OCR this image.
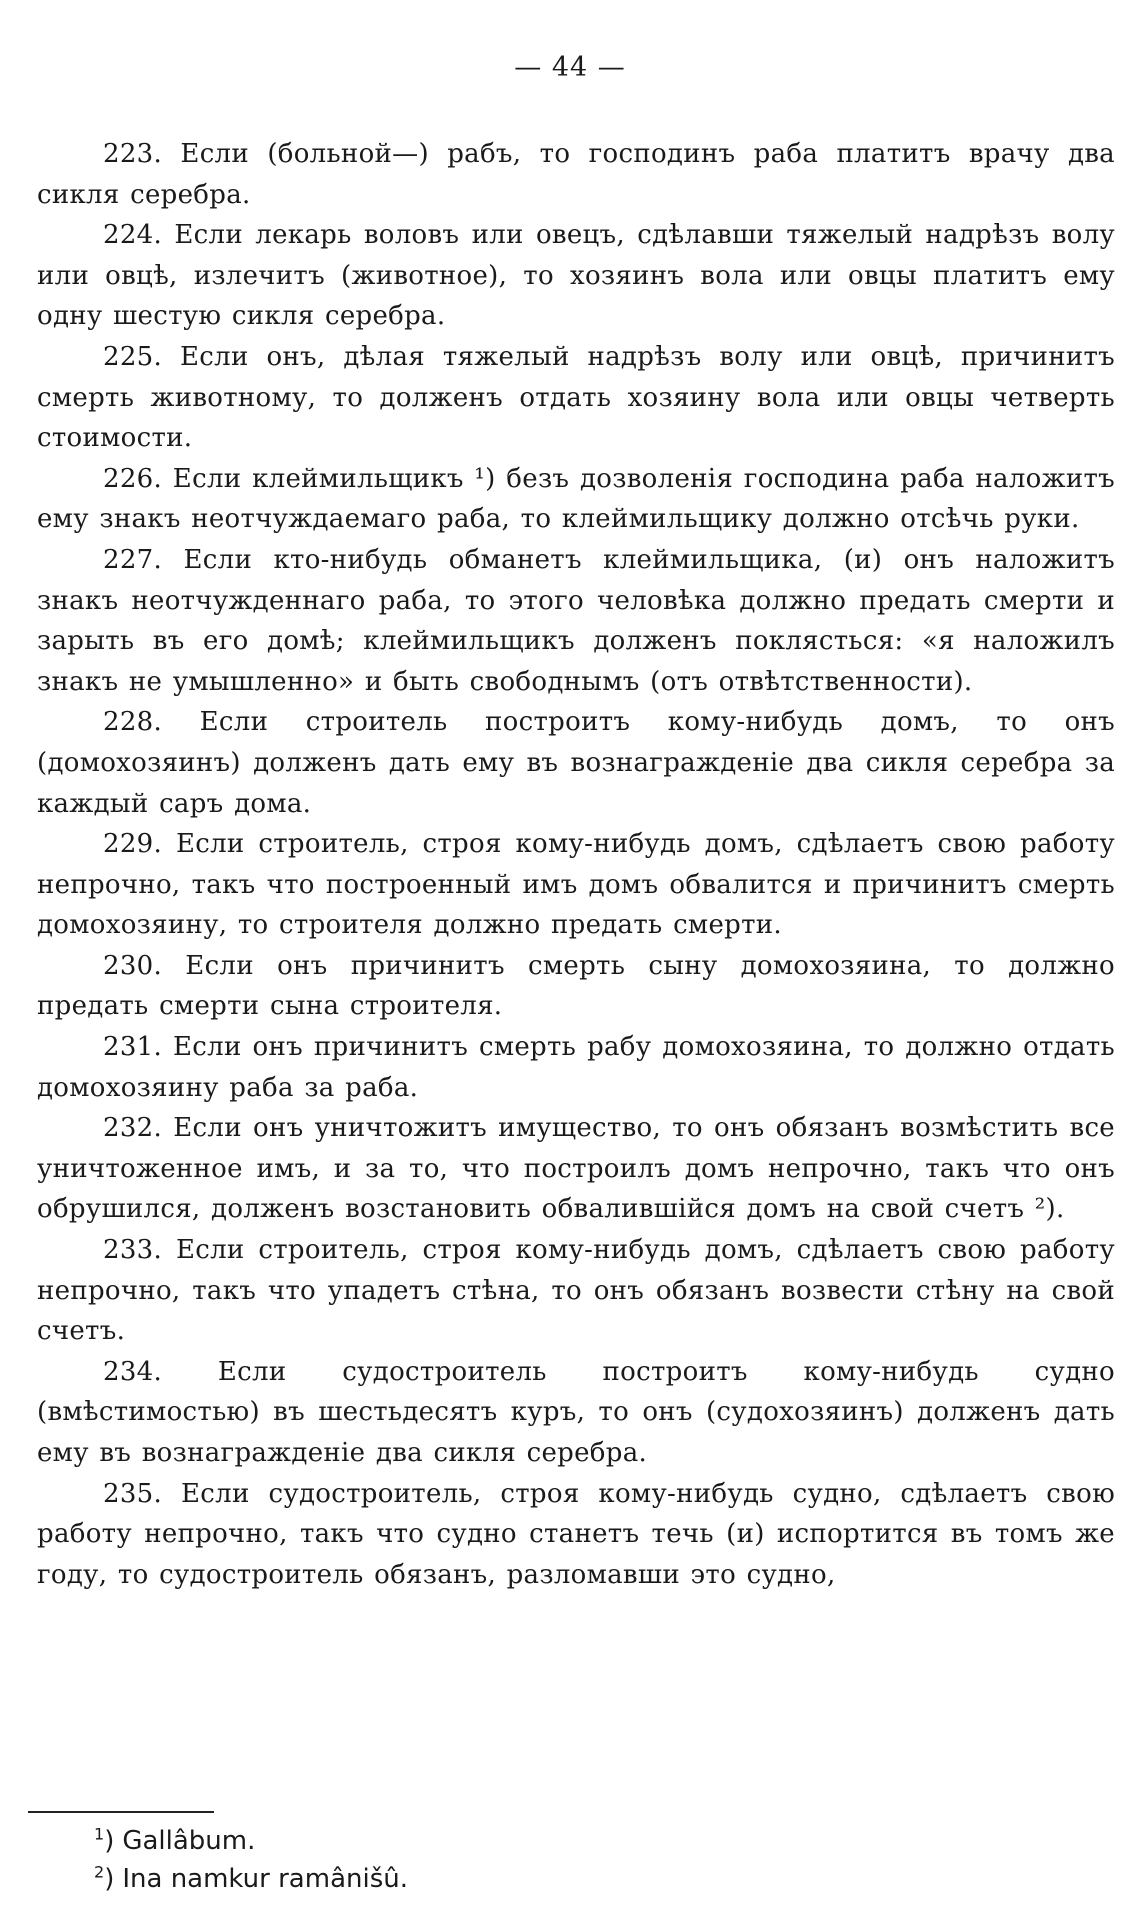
— 44 —

223. Если (больной—) рабъ, то господинъ раба платитъ врачу два сикля серебра.

224. Если лекарь воловъ или овецъ, сдѣлавши тяжелый надрѣзъ волу или овцѣ, излечитъ (животное), то хозяинъ вола или овцы платитъ ему одну шестую сикля серебра.

225. Если онъ, дѣлая тяжелый надрѣзъ волу или овцѣ, причинитъ смерть животному, то долженъ отдать хозяину вола или овцы четверть стоимости.

226. Если клеймильщикъ ¹) безъ дозволенія господина раба наложитъ ему знакъ неотчуждаемаго раба, то клеймильщику должно отсѣчь руки.

227. Если кто-нибудь обманетъ клеймильщика, (и) онъ наложитъ знакъ неотчужденнаго раба, то этого человѣка должно предать смерти и зарыть въ его домѣ; клеймильщикъ долженъ поклясться: «я наложилъ знакъ не умышленно» и быть свободнымъ (отъ отвѣтственности).

228. Если строитель построитъ кому-нибудь домъ, то онъ (домохозяинъ) долженъ дать ему въ вознагражденіе два сикля серебра за каждый саръ дома.

229. Если строитель, строя кому-нибудь домъ, сдѣлаетъ свою работу непрочно, такъ что построенный имъ домъ обвалится и причинитъ смерть домохозяину, то строителя должно предать смерти.

230. Если онъ причинитъ смерть сыну домохозяина, то должно предать смерти сына строителя.

231. Если онъ причинитъ смерть рабу домохозяина, то должно отдать домохозяину раба за раба.

232. Если онъ уничтожитъ имущество, то онъ обязанъ возмѣстить все уничтоженное имъ, и за то, что построилъ домъ непрочно, такъ что онъ обрушился, долженъ возстановить обвалившійся домъ на свой счетъ ²).

233. Если строитель, строя кому-нибудь домъ, сдѣлаетъ свою работу непрочно, такъ что упадетъ стѣна, то онъ обязанъ возвести стѣну на свой счетъ.

234. Если судостроитель построитъ кому-нибудь судно (вмѣстимостью) въ шестьдесятъ куръ, то онъ (судохозяинъ) долженъ дать ему въ вознагражденіе два сикля серебра.

235. Если судостроитель, строя кому-нибудь судно, сдѣлаетъ свою работу непрочно, такъ что судно станетъ течь (и) испортится въ томъ же году, то судостроитель обязанъ, разломавши это судно,

$^1$) Gallâbum.

$^2$) Ina namkur ramânišû.
